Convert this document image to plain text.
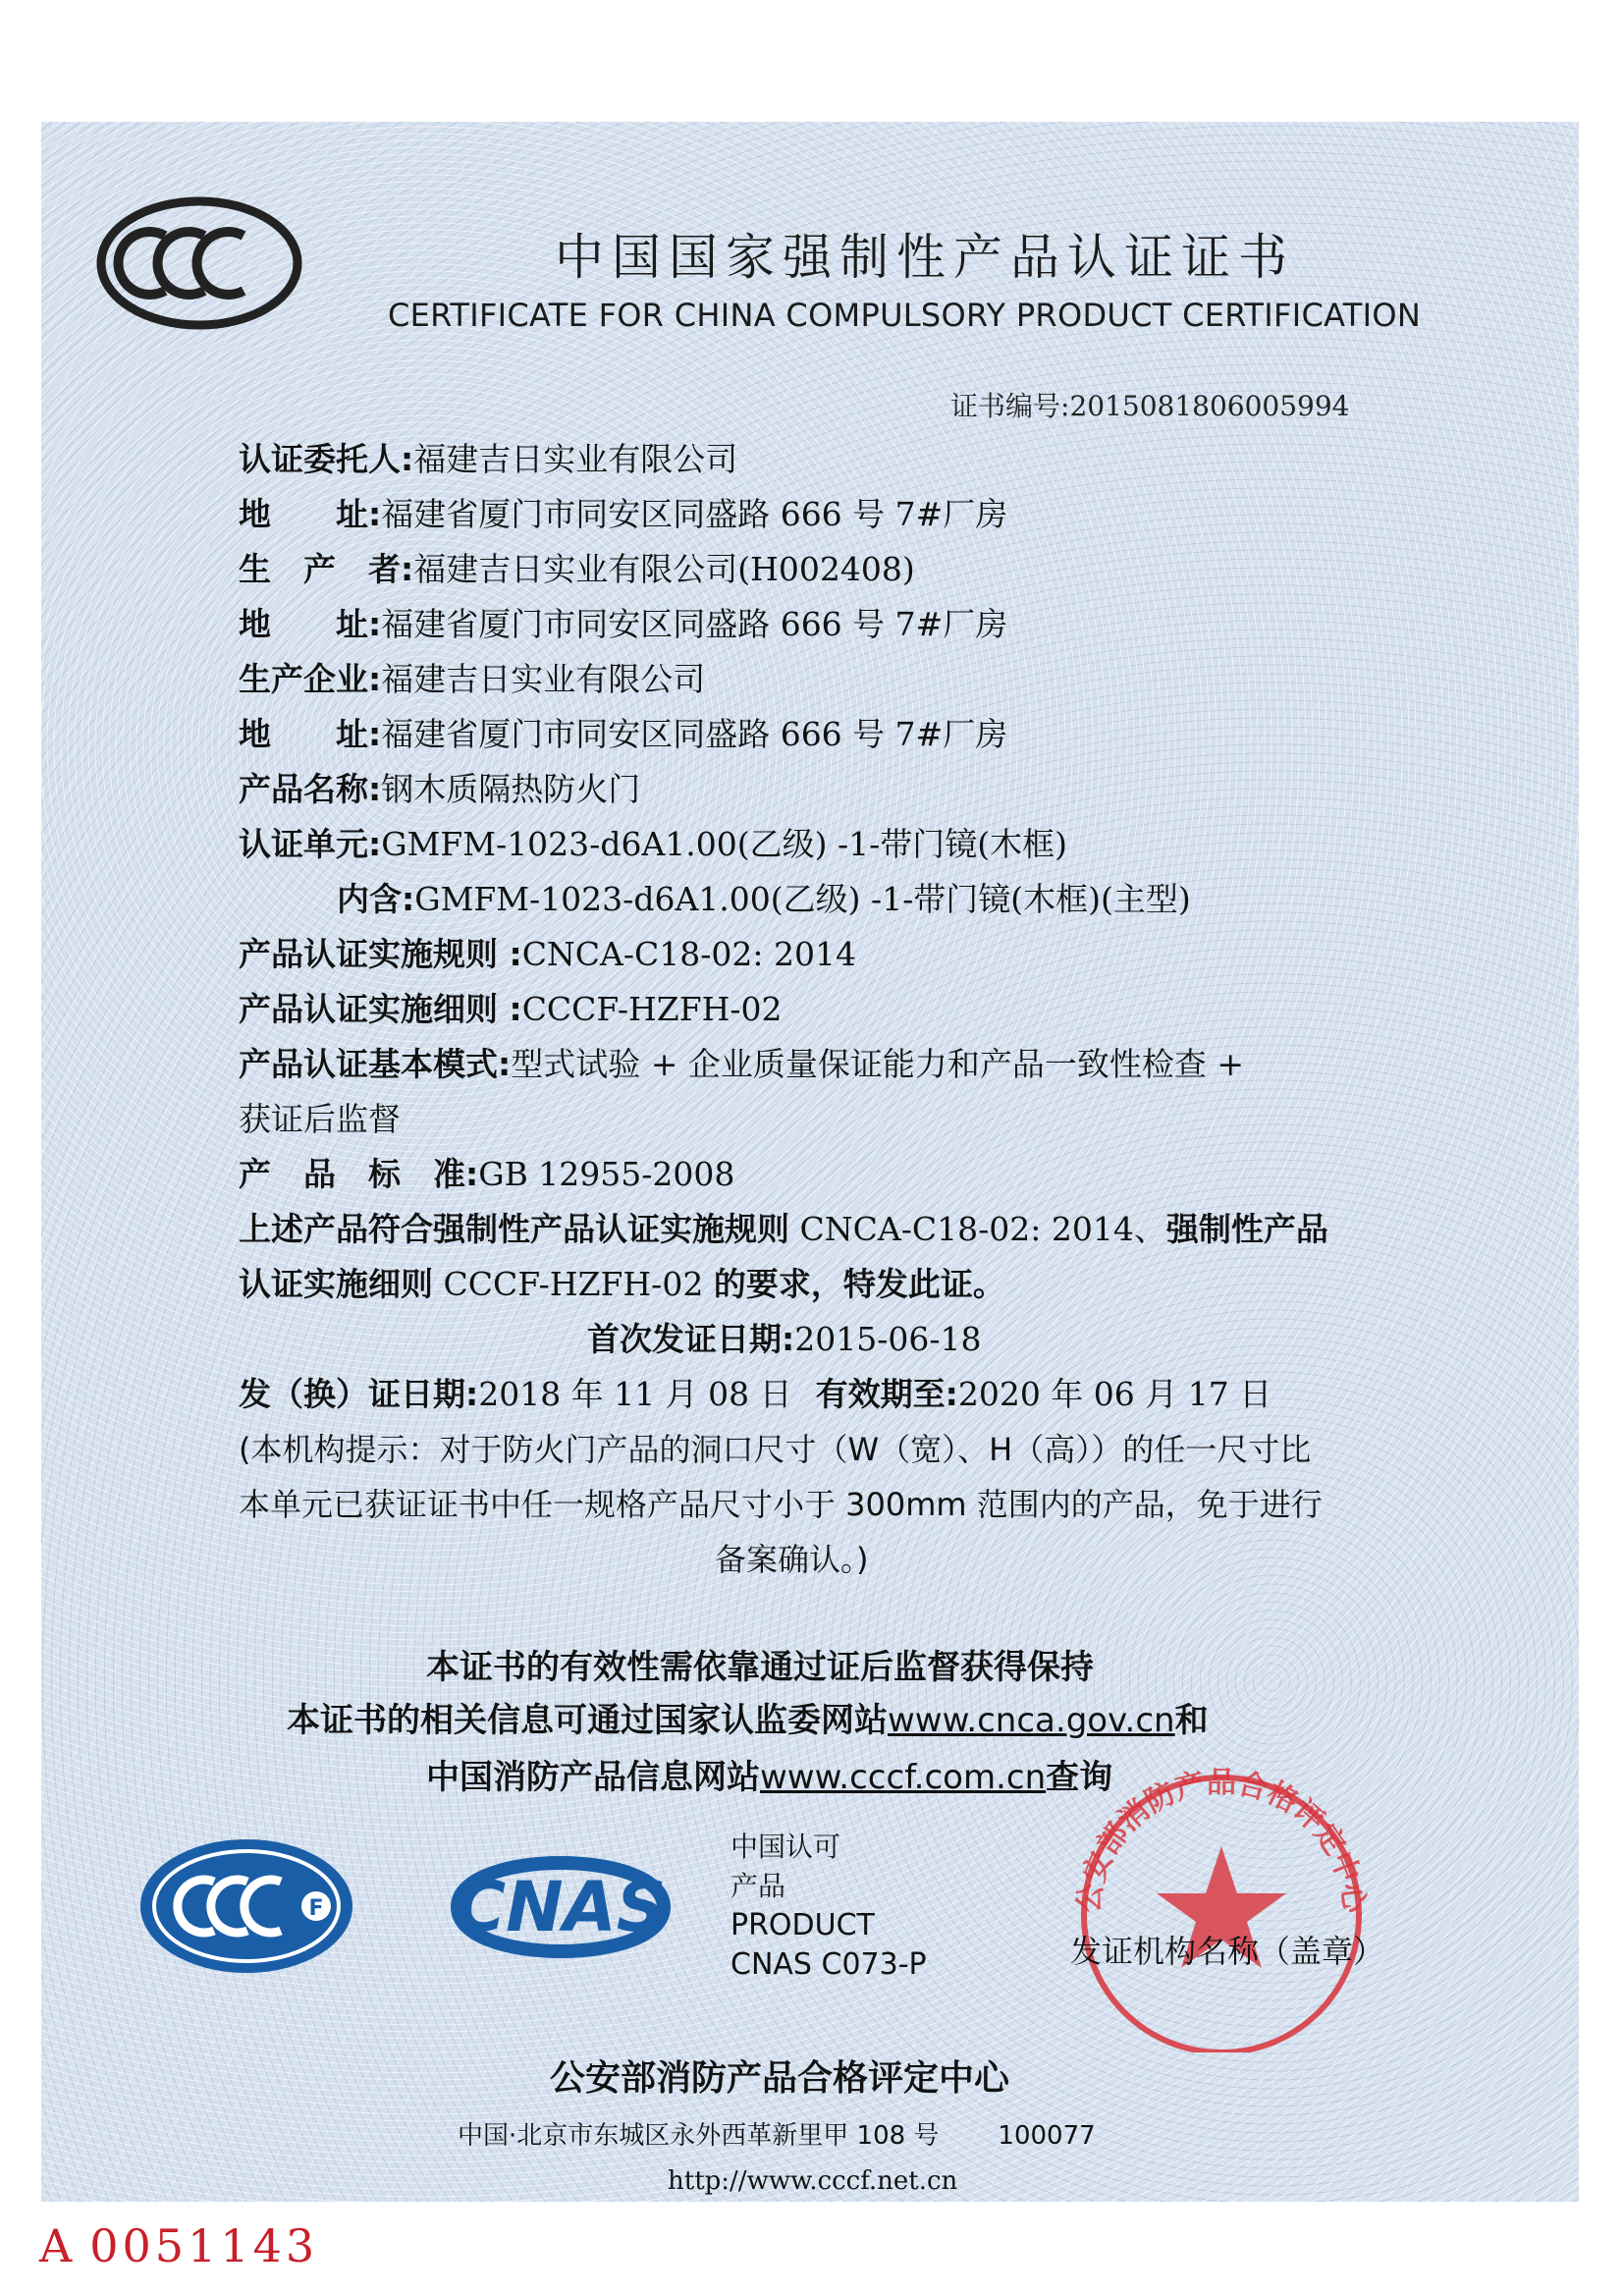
中国国家强制性产品认证证书
CERTIFICATE FOR CHINA COMPULSORY PRODUCT CERTIFICATION
证书编号:2015081806005994
认证委托人:福建吉日实业有限公司
地　　址:福建省厦门市同安区同盛路 666 号 7#厂房
生　产　者:福建吉日实业有限公司(H002408)
地　　址:福建省厦门市同安区同盛路 666 号 7#厂房
生产企业:福建吉日实业有限公司
地　　址:福建省厦门市同安区同盛路 666 号 7#厂房
产品名称:钢木质隔热防火门
认证单元:GMFM-1023-d6A1.00(乙级) -1-带门镜(木框)
内含:GMFM-1023-d6A1.00(乙级) -1-带门镜(木框)(主型)
产品认证实施规则 :CNCA-C18-02: 2014
产品认证实施细则 :CCCF-HZFH-02
产品认证基本模式:型式试验 + 企业质量保证能力和产品一致性检查 +
获证后监督
产　品　标　准:GB 12955-2008
上述产品符合强制性产品认证实施规则 CNCA-C18-02: 2014、强制性产品
认证实施细则 CCCF-HZFH-02 的要求，特发此证。
首次发证日期:2015-06-18
发（换）证日期:2018 年 11 月 08 日 有效期至:2020 年 06 月 17 日
(本机构提示：对于防火门产品的洞口尺寸（W（宽）、H（高））的任一尺寸比
本单元已获证证书中任一规格产品尺寸小于 300mm 范围内的产品，免于进行
备案确认。)
本证书的有效性需依靠通过证后监督获得保持
本证书的相关信息可通过国家认监委网站www.cnca.gov.cn和
中国消防产品信息网站www.cccf.com.cn查询
F CNAS
中国认可
产品
PRODUCT
CNAS C073-P
公安部消防产品合格评定中心
发证机构名称（盖章）
公安部消防产品合格评定中心
中国·北京市东城区永外西革新里甲 108 号 100077
http://www.cccf.net.cn
A 0051143
